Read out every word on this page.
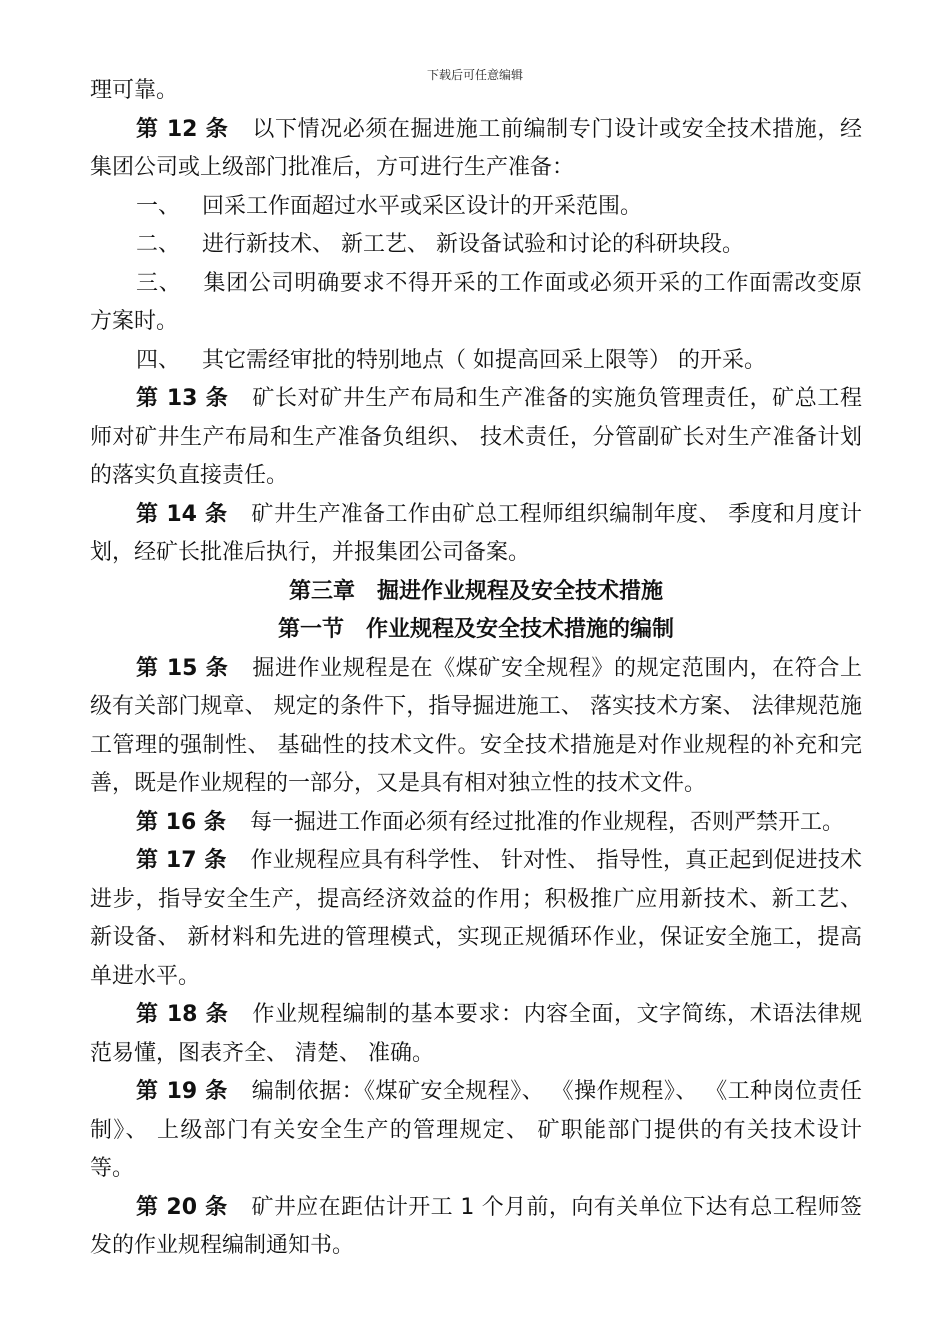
下载后可任意编辑

理可靠。

第 12 条 以下情况必须在掘进施工前编制专门设计或安全技术措施，经集团公司或上级部门批准后，方可进行生产准备：

一、 回采工作面超过水平或采区设计的开采范围。

二、 进行新技术、 新工艺、 新设备试验和讨论的科研块段。

三、 集团公司明确要求不得开采的工作面或必须开采的工作面需改变原方案时。

四、 其它需经审批的特别地点（ 如提高回采上限等） 的开采。

第 13 条 矿长对矿井生产布局和生产准备的实施负管理责任，矿总工程师对矿井生产布局和生产准备负组织、 技术责任，分管副矿长对生产准备计划的落实负直接责任。

第 14 条 矿井生产准备工作由矿总工程师组织编制年度、 季度和月度计划，经矿长批准后执行，并报集团公司备案。

第三章　掘进作业规程及安全技术措施

第一节　作业规程及安全技术措施的编制

第 15 条 掘进作业规程是在《煤矿安全规程》的规定范围内，在符合上级有关部门规章、 规定的条件下，指导掘进施工、 落实技术方案、 法律规范施工管理的强制性、 基础性的技术文件。安全技术措施是对作业规程的补充和完善，既是作业规程的一部分，又是具有相对独立性的技术文件。

第 16 条 每一掘进工作面必须有经过批准的作业规程，否则严禁开工。

第 17 条 作业规程应具有科学性、 针对性、 指导性，真正起到促进技术进步，指导安全生产，提高经济效益的作用；积极推广应用新技术、新工艺、 新设备、 新材料和先进的管理模式，实现正规循环作业，保证安全施工，提高单进水平。

第 18 条 作业规程编制的基本要求：内容全面，文字简练，术语法律规范易懂，图表齐全、 清楚、 准确。

第 19 条 编制依据：《煤矿安全规程》、 《操作规程》、 《工种岗位责任制》、 上级部门有关安全生产的管理规定、 矿职能部门提供的有关技术设计等。

第 20 条 矿井应在距估计开工 1 个月前，向有关单位下达有总工程师签发的作业规程编制通知书。
